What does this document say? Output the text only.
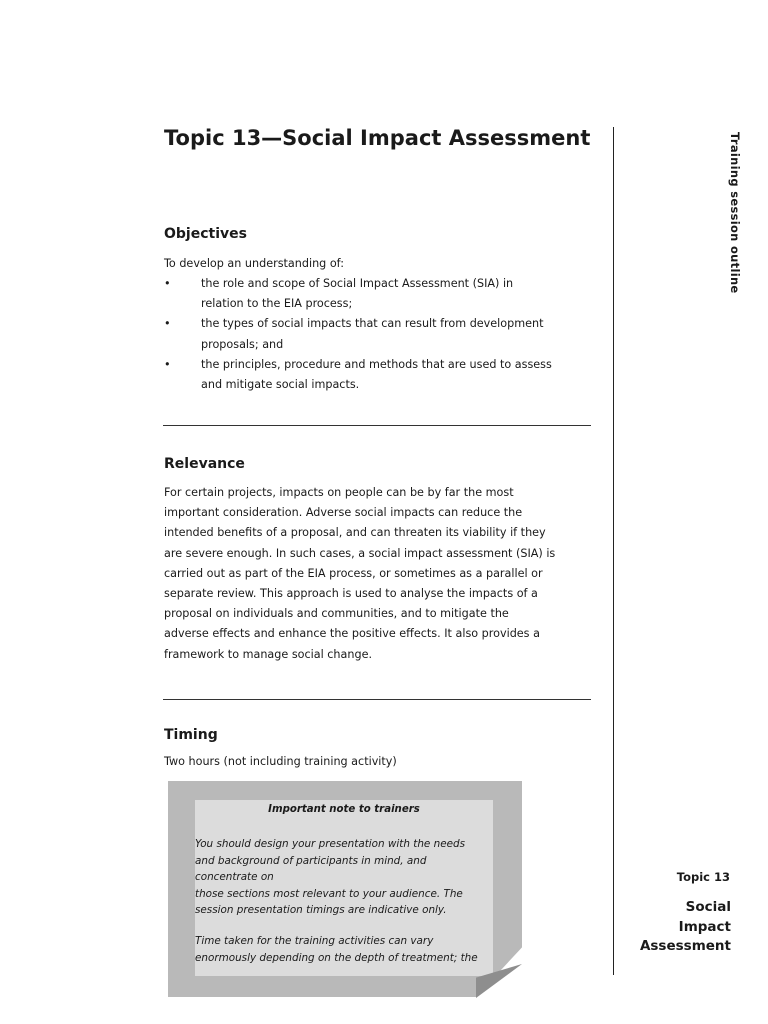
Topic 13—Social Impact Assessment	Training session outline
Objectives

To develop an understanding of:

•	the role and scope of Social Impact Assessment (SIA) in
relation to the EIA process;
•	the types of social impacts that can result from development
proposals; and
•	the principles, procedure and methods that are used to assess
and mitigate social impacts.
Relevance

For certain projects, impacts on people can be by far the most
important consideration. Adverse social impacts can reduce the
intended benefits of a proposal, and can threaten its viability if they
are severe enough. In such cases, a social impact assessment (SIA) is
carried out as part of the EIA process, or sometimes as a parallel or
separate review. This approach is used to analyse the impacts of a
proposal on individuals and communities, and to mitigate the
adverse effects and enhance the positive effects. It also provides a
framework to manage social change.

Timing

Two hours (not including training activity)

Important note to trainers

You should design your presentation with the needs
and background of participants in mind, and
concentrate on
those sections most relevant to your audience. The
session presentation timings are indicative only.

Time taken for the training activities can vary
enormously depending on the depth of treatment; the

Topic 13
Social
Impact
Assessment
